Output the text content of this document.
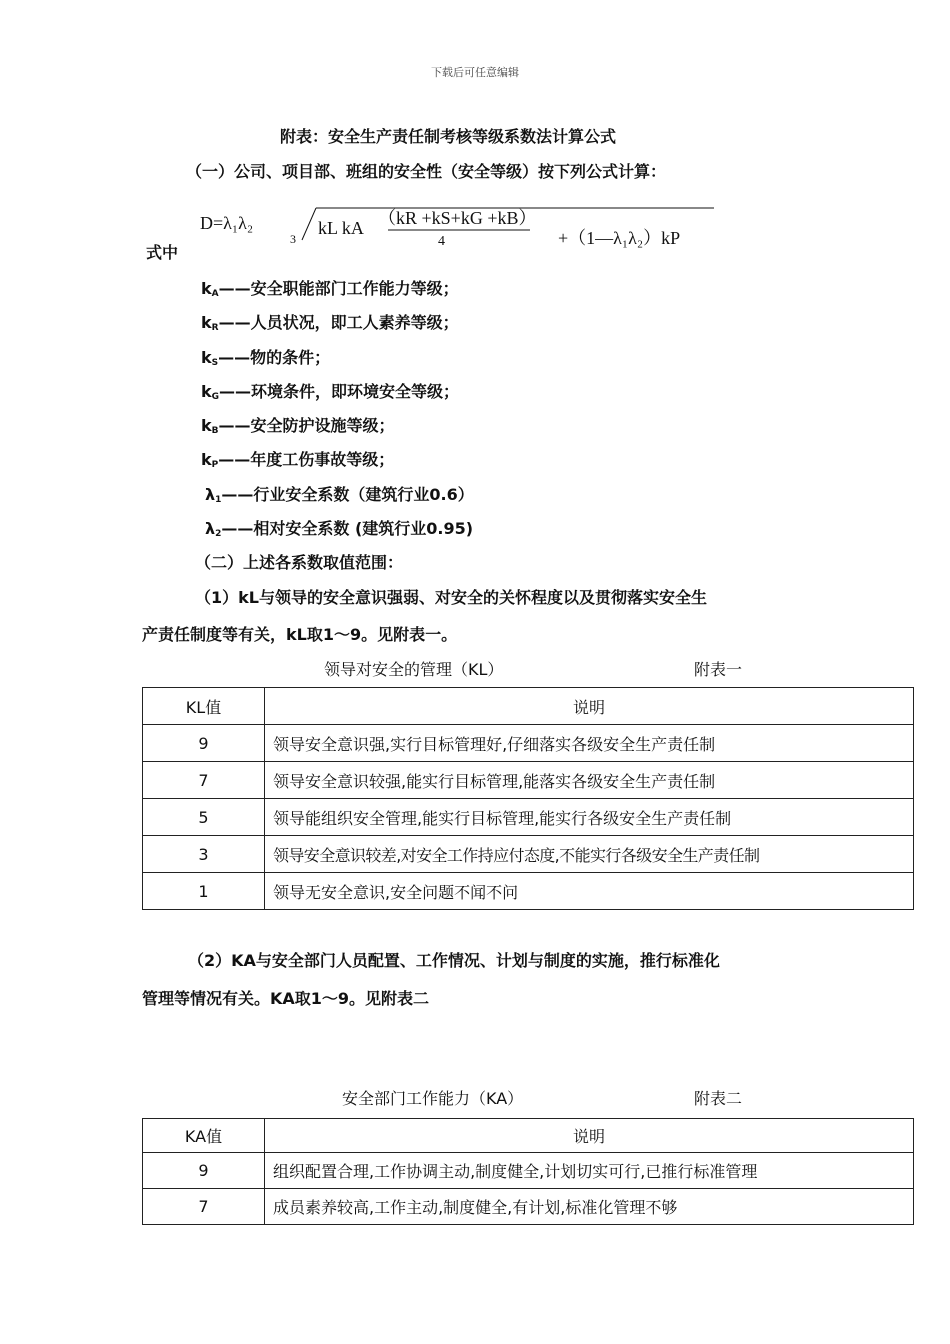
下载后可任意编辑
附表：安全生产责任制考核等级系数法计算公式
（一）公司、项目部、班组的安全性（安全等级）按下列公式计算：
D=λ₁λ₂
3
kL kA （kR +kS+kG +kB）
4	+（1—λ₁λ₂）kP
式中
$k_A——$安全职能部门工作能力等级；
$k_R——$人员状况，即工人素养等级；
$k_S——$物的条件；
$k_G——$环境条件，即环境安全等级；
$k_B——$安全防护设施等级；
$k_P——$年度工伤事故等级；
$\lambda_1——$行业安全系数（建筑行业0.6）
$\lambda_2——$相对安全系数 (建筑行业0.95)
（二）上述各系数取值范围：
（1）kL与领导的安全意识强弱、对安全的关怀程度以及贯彻落实安全生
产责任制度等有关，kL取1～9。见附表一。
领导对安全的管理（KL）	附表一
KL值	说明
9	领导安全意识强,实行目标管理好,仔细落实各级安全生产责任制
7	领导安全意识较强,能实行目标管理,能落实各级安全生产责任制
5	领导能组织安全管理,能实行目标管理,能实行各级安全生产责任制
3	领导安全意识较差,对安全工作持应付态度,不能实行各级安全生产责任制
1	领导无安全意识,安全问题不闻不问
（2）KA与安全部门人员配置、工作情况、计划与制度的实施，推行标准化
管理等情况有关。KA取1～9。见附表二
安全部门工作能力（KA）	附表二
KA值	说明
9	组织配置合理,工作协调主动,制度健全,计划切实可行,已推行标准管理
7	成员素养较高,工作主动,制度健全,有计划,标准化管理不够
